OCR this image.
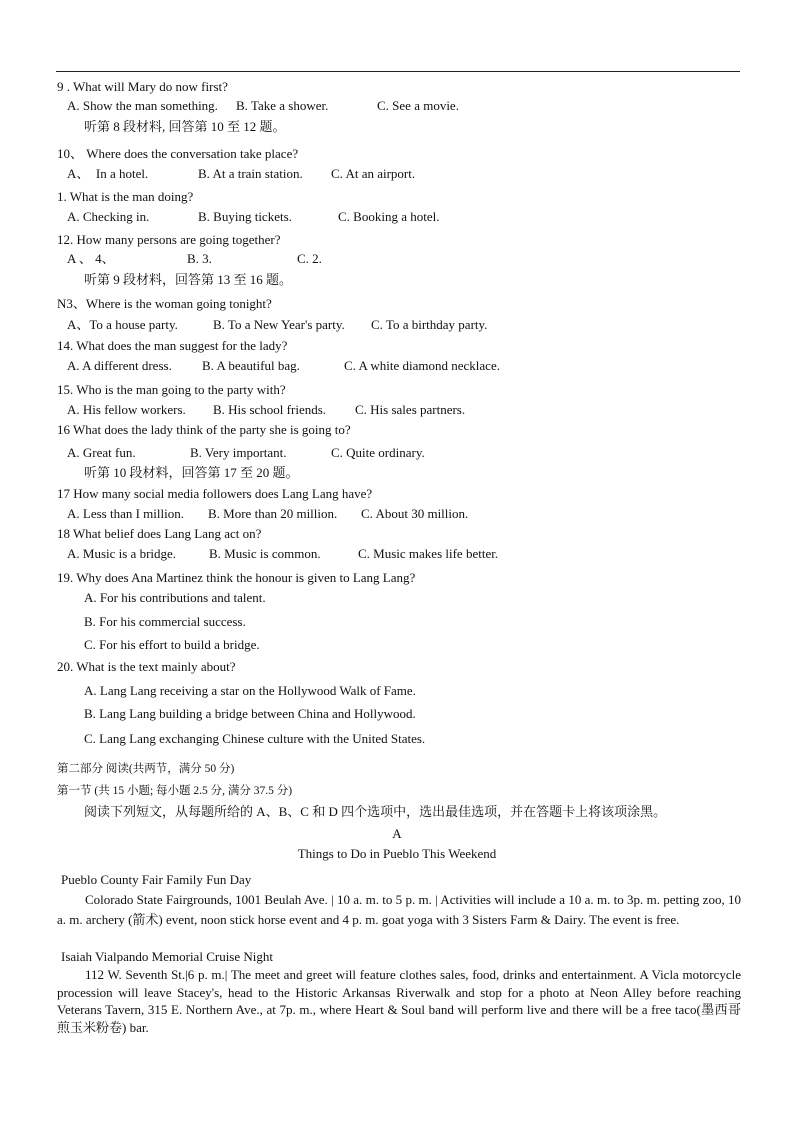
9 . What will Mary do now first?
A. Show the man something. B. Take a shower.	C. See a movie.
听第 8 段材料, 回答第 10 至 12 题。
10、 Where does the conversation take place?
A、  In a hotel.	B. At a train station. C. At an airport.
1. What is the man doing?
A. Checking in.	B. Buying tickets.	C. Booking a hotel.
12. How many persons are going together?
A 、 4、	B. 3.	C. 2.
听第 9 段材料，回答第 13 至 16 题。
N3、Where is the woman going tonight?
A、To a house party.	B. To a New Year's party. C. To a birthday party.
14. What does the man suggest for the lady?
A. A different dress. B. A beautiful bag.	C. A white diamond necklace.
15. Who is the man going to the party with?
A. His fellow workers. B. His school friends. C. His sales partners.
16 What does the lady think of the party she is going to?
A. Great fun.	B. Very important.	C. Quite ordinary.
听第 10 段材料，回答第 17 至 20 题。
17 How many social media followers does Lang Lang have?
A. Less than I million. B. More than 20 million. C. About 30 million.
18 What belief does Lang Lang act on?
A. Music is a bridge.	B. Music is common.	C. Music makes life better.
19. Why does Ana Martinez think the honour is given to Lang Lang?
A. For his contributions and talent.
B. For his commercial success.
C. For his effort to build a bridge.
20. What is the text mainly about?
A. Lang Lang receiving a star on the Hollywood Walk of Fame.
B. Lang Lang building a bridge between China and Hollywood.
C. Lang Lang exchanging Chinese culture with the United States.
第二部分 阅读(共两节，满分 50 分)
第一节 (共 15 小题; 每小题 2.5 分, 满分 37.5 分)
阅读下列短文，从每题所给的 A、B、C 和 D 四个选项中，选出最佳选项，并在答题卡上将该项涂黑。
A
Things to Do in Pueblo This Weekend
Pueblo County Fair Family Fun Day
Colorado State Fairgrounds, 1001 Beulah Ave. | 10 a. m. to 5 p. m. | Activities will include a 10 a. m. to 3p. m. petting zoo, 10 a. m. archery (箭术) event, noon stick horse event and 4 p. m. goat yoga with 3 Sisters Farm & Dairy. The event is free.
Isaiah Vialpando Memorial Cruise Night
112 W. Seventh St.|6 p. m.| The meet and greet will feature clothes sales, food, drinks and entertainment. A Vicla motorcycle procession will leave Stacey's, head to the Historic Arkansas Riverwalk and stop for a photo at Neon Alley before reaching Veterans Tavern, 315 E. Northern Ave., at 7p. m., where Heart & Soul band will perform live and there will be a free taco(墨西哥煎玉米粉卷) bar.
